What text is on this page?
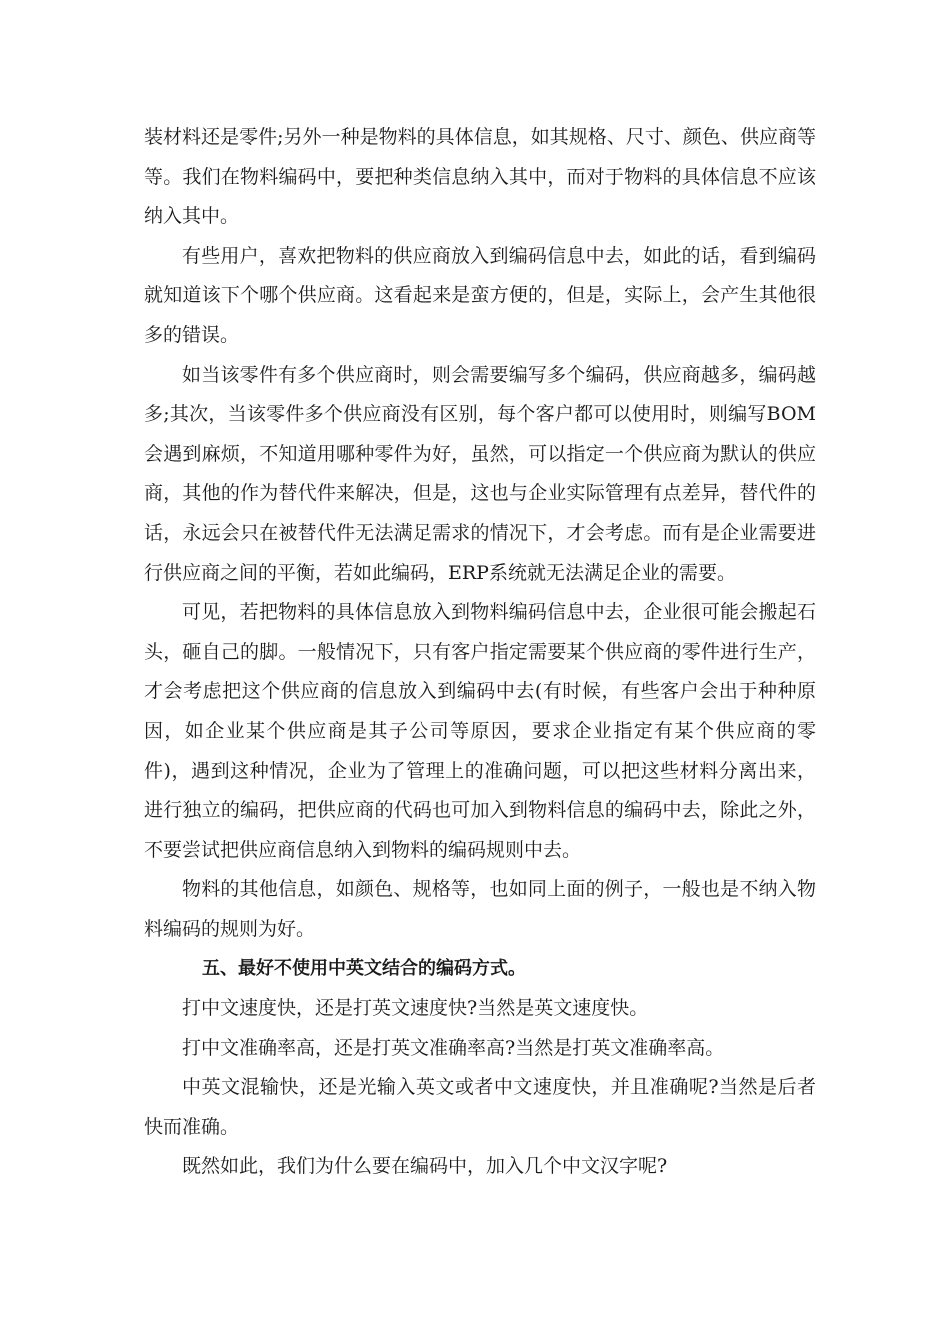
装材料还是零件;另外一种是物料的具体信息，如其规格、尺寸、颜色、供应商等等。我们在物料编码中，要把种类信息纳入其中，而对于物料的具体信息不应该纳入其中。

有些用户，喜欢把物料的供应商放入到编码信息中去，如此的话，看到编码就知道该下个哪个供应商。这看起来是蛮方便的，但是，实际上，会产生其他很多的错误。

如当该零件有多个供应商时，则会需要编写多个编码，供应商越多，编码越多;其次，当该零件多个供应商没有区别，每个客户都可以使用时，则编写BOM会遇到麻烦，不知道用哪种零件为好，虽然，可以指定一个供应商为默认的供应商，其他的作为替代件来解决，但是，这也与企业实际管理有点差异，替代件的话，永远会只在被替代件无法满足需求的情况下，才会考虑。而有是企业需要进行供应商之间的平衡，若如此编码，ERP系统就无法满足企业的需要。

可见，若把物料的具体信息放入到物料编码信息中去，企业很可能会搬起石头，砸自己的脚。一般情况下，只有客户指定需要某个供应商的零件进行生产，才会考虑把这个供应商的信息放入到编码中去(有时候，有些客户会出于种种原因，如企业某个供应商是其子公司等原因，要求企业指定有某个供应商的零件)，遇到这种情况，企业为了管理上的准确问题，可以把这些材料分离出来，进行独立的编码，把供应商的代码也可加入到物料信息的编码中去，除此之外，不要尝试把供应商信息纳入到物料的编码规则中去。

物料的其他信息，如颜色、规格等，也如同上面的例子，一般也是不纳入物料编码的规则为好。

五、最好不使用中英文结合的编码方式。

打中文速度快，还是打英文速度快?当然是英文速度快。

打中文准确率高，还是打英文准确率高?当然是打英文准确率高。

中英文混输快，还是光输入英文或者中文速度快，并且准确呢?当然是后者快而准确。

既然如此，我们为什么要在编码中，加入几个中文汉字呢?
